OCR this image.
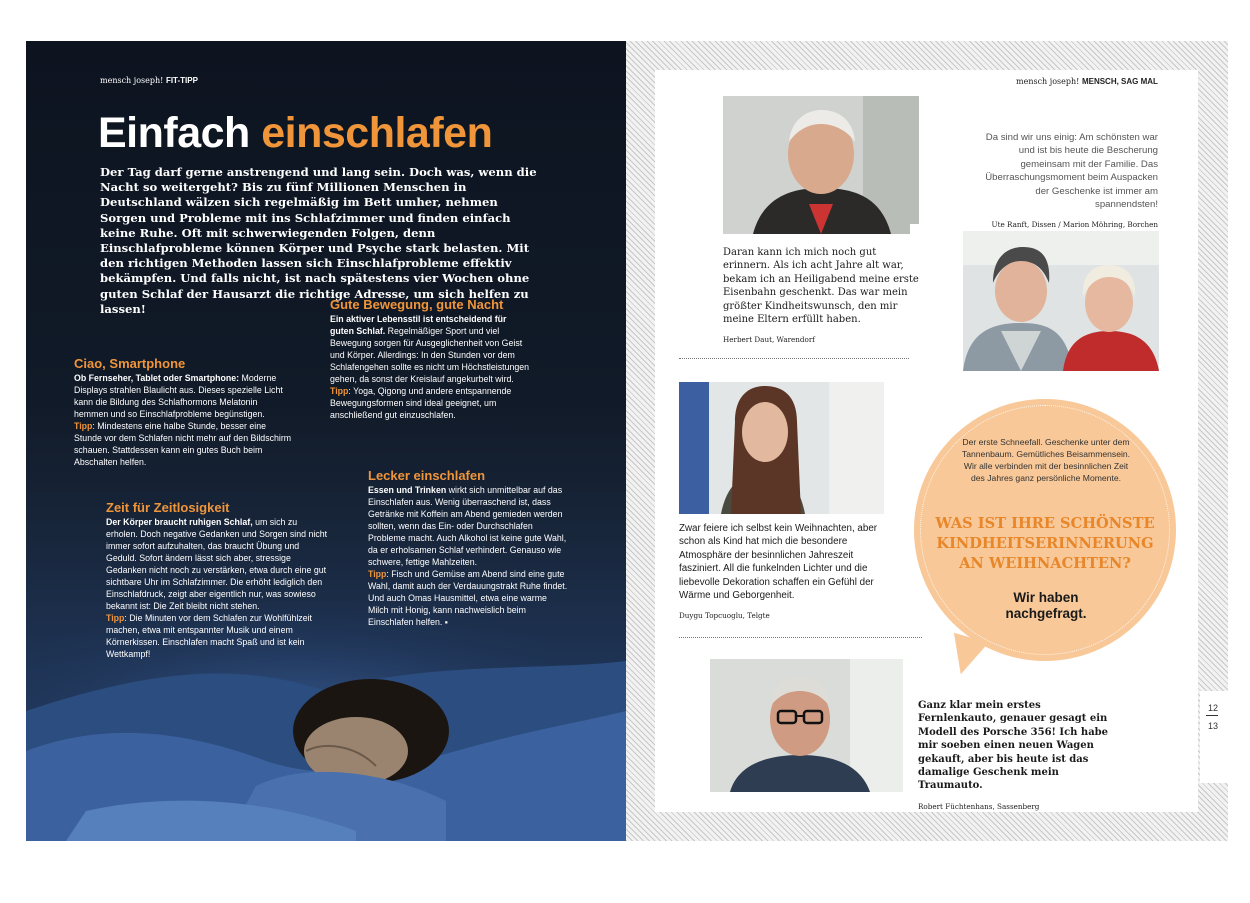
mensch joseph! FIT-TIPP
Einfach einschlafen

Der Tag darf gerne anstrengend und lang sein. Doch was, wenn die Nacht so weitergeht? Bis zu fünf Millionen Menschen in Deutschland wälzen sich regelmäßig im Bett umher, nehmen Sorgen und Probleme mit ins Schlafzimmer und finden einfach keine Ruhe. Oft mit schwerwiegenden Folgen, denn Einschlafprobleme können Körper und Psyche stark belasten. Mit den richtigen Methoden lassen sich Einschlafprobleme effektiv bekämpfen. Und falls nicht, ist nach spätestens vier Wochen ohne guten Schlaf der Hausarzt die richtige Adresse, um sich helfen zu lassen!	Gute Bewegung, gute Nacht

Ein aktiver Lebensstil ist entscheidend für guten Schlaf. Regelmäßiger Sport und viel Bewegung sorgen für Ausgeglichenheit von Geist und Körper. Allerdings: In den Stunden vor dem Schlafengehen sollte es nicht um Höchstleistungen gehen, da sonst der Kreislauf angekurbelt wird.
Tipp: Yoga, Qigong und andere entspannende Bewegungsformen sind ideal geeignet, um anschließend gut einzuschlafen.

Ciao, Smartphone

Ob Fernseher, Tablet oder Smartphone: Moderne Displays strahlen Blaulicht aus. Dieses spezielle Licht kann die Bildung des Schlafhormons Melatonin hemmen und so Einschlafprobleme begünstigen.
Tipp: Mindestens eine halbe Stunde, besser eine Stunde vor dem Schlafen nicht mehr auf den Bildschirm schauen. Stattdessen kann ein gutes Buch beim Abschalten helfen.

Zeit für Zeitlosigkeit

Der Körper braucht ruhigen Schlaf, um sich zu erholen. Doch negative Gedanken und Sorgen sind nicht immer sofort aufzuhalten, das braucht Übung und Geduld. Sofort ändern lässt sich aber, stressige Gedanken nicht noch zu verstärken, etwa durch eine gut sichtbare Uhr im Schlafzimmer. Die erhöht lediglich den Einschlafdruck, zeigt aber eigentlich nur, was sowieso bekannt ist: Die Zeit bleibt nicht stehen.
Tipp: Die Minuten vor dem Schlafen zur Wohlfühlzeit machen, etwa mit entspannter Musik und einem Körnerkissen. Einschlafen macht Spaß und ist kein Wettkampf!

Lecker einschlafen

Essen und Trinken wirkt sich unmittelbar auf das Einschlafen aus. Wenig überraschend ist, dass Getränke mit Koffein am Abend gemieden werden sollten, wenn das Ein- oder Durchschlafen Probleme macht. Auch Alkohol ist keine gute Wahl, da er erholsamen Schlaf verhindert. Genauso wie schwere, fettige Mahlzeiten.
Tipp: Fisch und Gemüse am Abend sind eine gute Wahl, damit auch der Verdauungstrakt Ruhe findet. Und auch Omas Hausmittel, etwa eine warme Milch mit Honig, kann nachweislich beim Einschlafen helfen. ▪

mensch joseph! MENSCH, SAG MAL

Daran kann ich mich noch gut erinnern. Als ich acht Jahre alt war, bekam ich an Heiligabend meine erste Eisenbahn geschenkt. Das war mein größter Kindheitswunsch, den mir meine Eltern erfüllt haben.

Herbert Daut, Warendorf

Da sind wir uns einig: Am schönsten war und ist bis heute die Bescherung gemeinsam mit der Familie. Das Überraschungsmoment beim Auspacken der Geschenke ist immer am spannendsten!

Ute Ranft, Dissen / Marion Möhring, Borchen

Zwar feiere ich selbst kein Weihnachten, aber schon als Kind hat mich die besondere Atmosphäre der besinnlichen Jahreszeit fasziniert. All die funkelnden Lichter und die liebevolle Dekoration schaffen ein Gefühl der Wärme und Geborgenheit.

Duygu Topcuoglu, Telgte

Der erste Schneefall. Geschenke unter dem Tannenbaum. Gemütliches Beisammensein. Wir alle verbinden mit der besinnlichen Zeit des Jahres ganz persönliche Momente.

WAS IST IHRE SCHÖNSTE KINDHEITSERINNERUNG AN WEIHNACHTEN?

Wir haben nachgefragt.

Ganz klar mein erstes Fernlenkauto, genauer gesagt ein Modell des Porsche 356! Ich habe mir soeben einen neuen Wagen gekauft, aber bis heute ist das damalige Geschenk mein Traumauto.

Robert Füchtenhans, Sassenberg

12
13
